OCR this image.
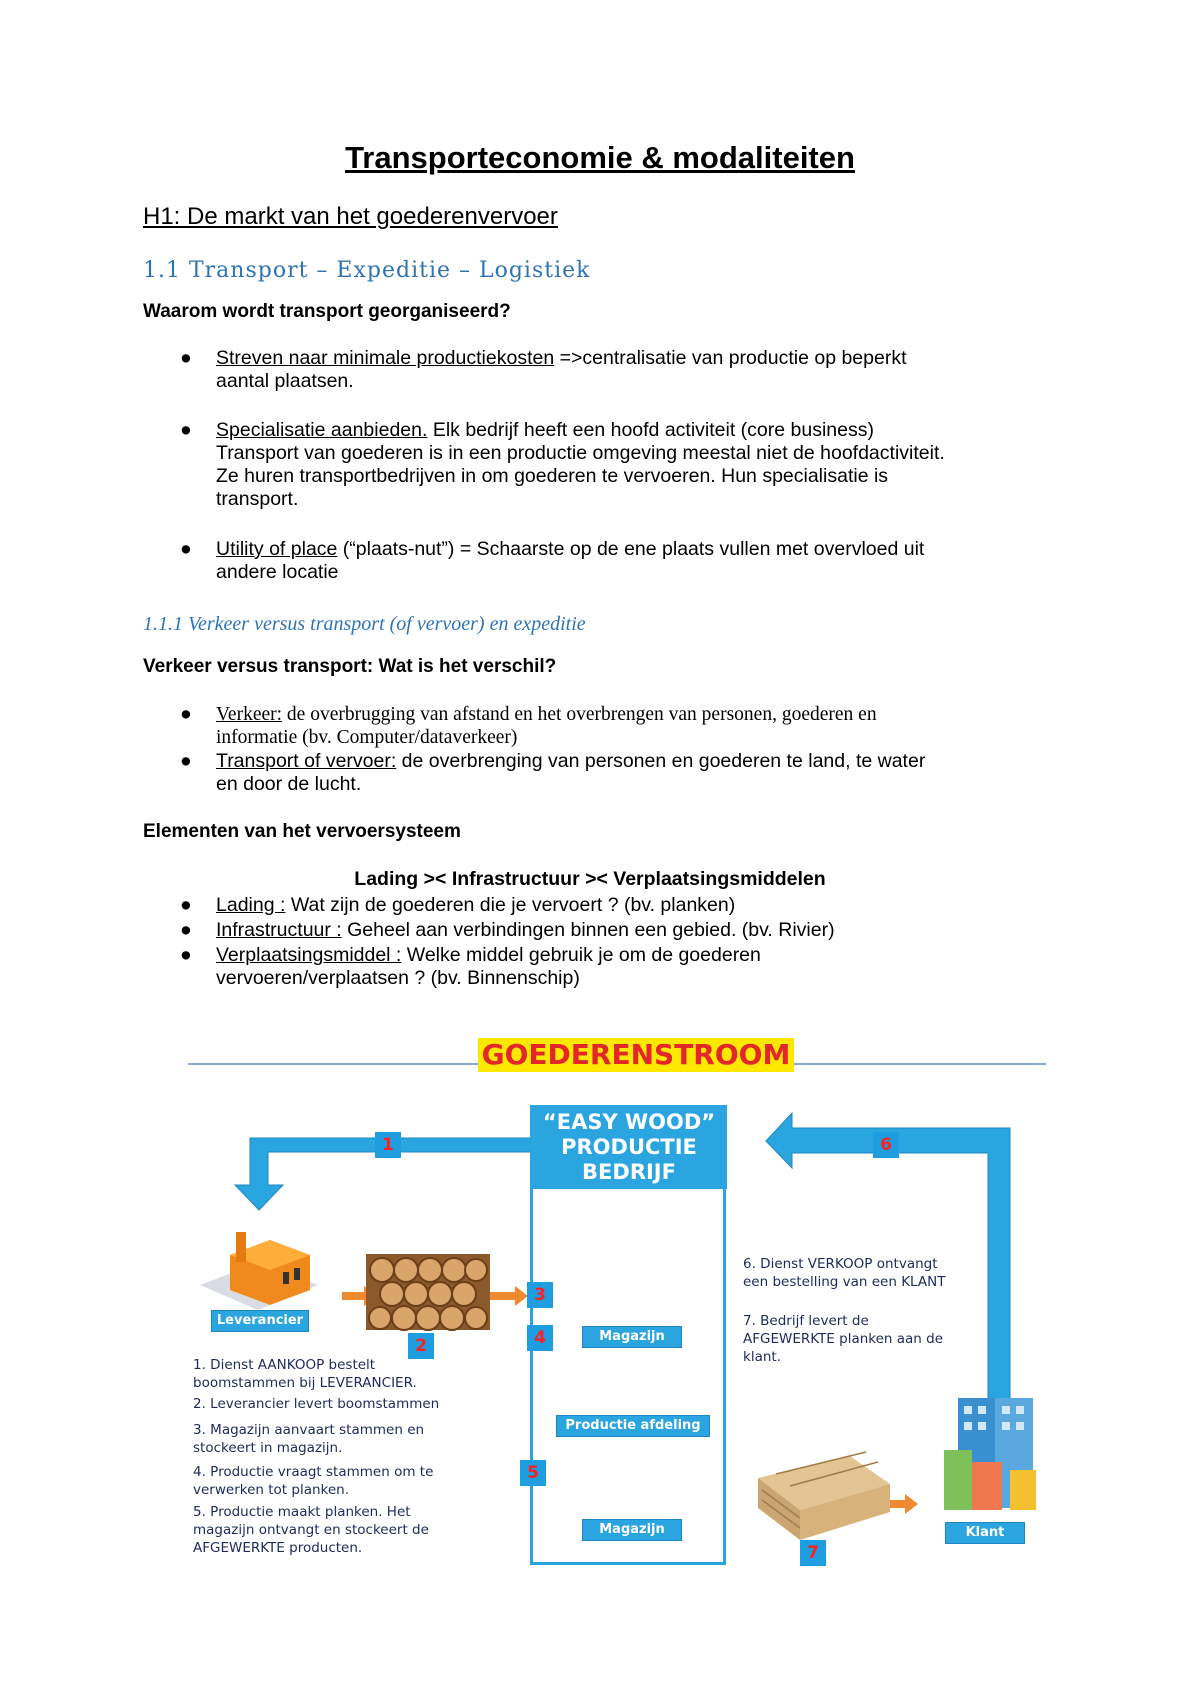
Transporteconomie & modaliteiten
H1: De markt van het goederenvervoer
1.1 Transport – Expeditie – Logistiek
Waarom wordt transport georganiseerd?
● Streven naar minimale productiekosten =>centralisatie van productie op beperkt
aantal plaatsen.
● Specialisatie aanbieden. Elk bedrijf heeft een hoofd activiteit (core business)
Transport van goederen is in een productie omgeving meestal niet de hoofdactiviteit.
Ze huren transportbedrijven in om goederen te vervoeren. Hun specialisatie is
transport.
● Utility of place (“plaats-nut”) = Schaarste op de ene plaats vullen met overvloed uit
andere locatie
1.1.1 Verkeer versus transport (of vervoer) en expeditie
Verkeer versus transport: Wat is het verschil?
● Verkeer: de overbrugging van afstand en het overbrengen van personen, goederen en
informatie (bv. Computer/dataverkeer)
● Transport of vervoer: de overbrenging van personen en goederen te land, te water
en door de lucht.
Elementen van het vervoersysteem
Lading >< Infrastructuur >< Verplaatsingsmiddelen
● Lading : Wat zijn de goederen die je vervoert ? (bv. planken)
● Infrastructuur : Geheel aan verbindingen binnen een gebied. (bv. Rivier)
● Verplaatsingsmiddel : Welke middel gebruik je om de goederen
vervoeren/verplaatsen ? (bv. Binnenschip)
GOEDERENSTROOM
“EASY WOOD”
PRODUCTIE
BEDRIJF
1
2
3
4
5
6
7
Leverancier
Magazijn
Productie afdeling
Magazijn	Klant
1. Dienst AANKOOP bestelt
boomstammen bij LEVERANCIER.
2. Leverancier levert boomstammen
3. Magazijn aanvaart stammen en
stockeert in magazijn.
4. Productie vraagt stammen om te
verwerken tot planken.
5. Productie maakt planken. Het
magazijn ontvangt en stockeert de
AFGEWERKTE producten.
6. Dienst VERKOOP ontvangt
een bestelling van een KLANT
7. Bedrijf levert de
AFGEWERKTE planken aan de
klant.
